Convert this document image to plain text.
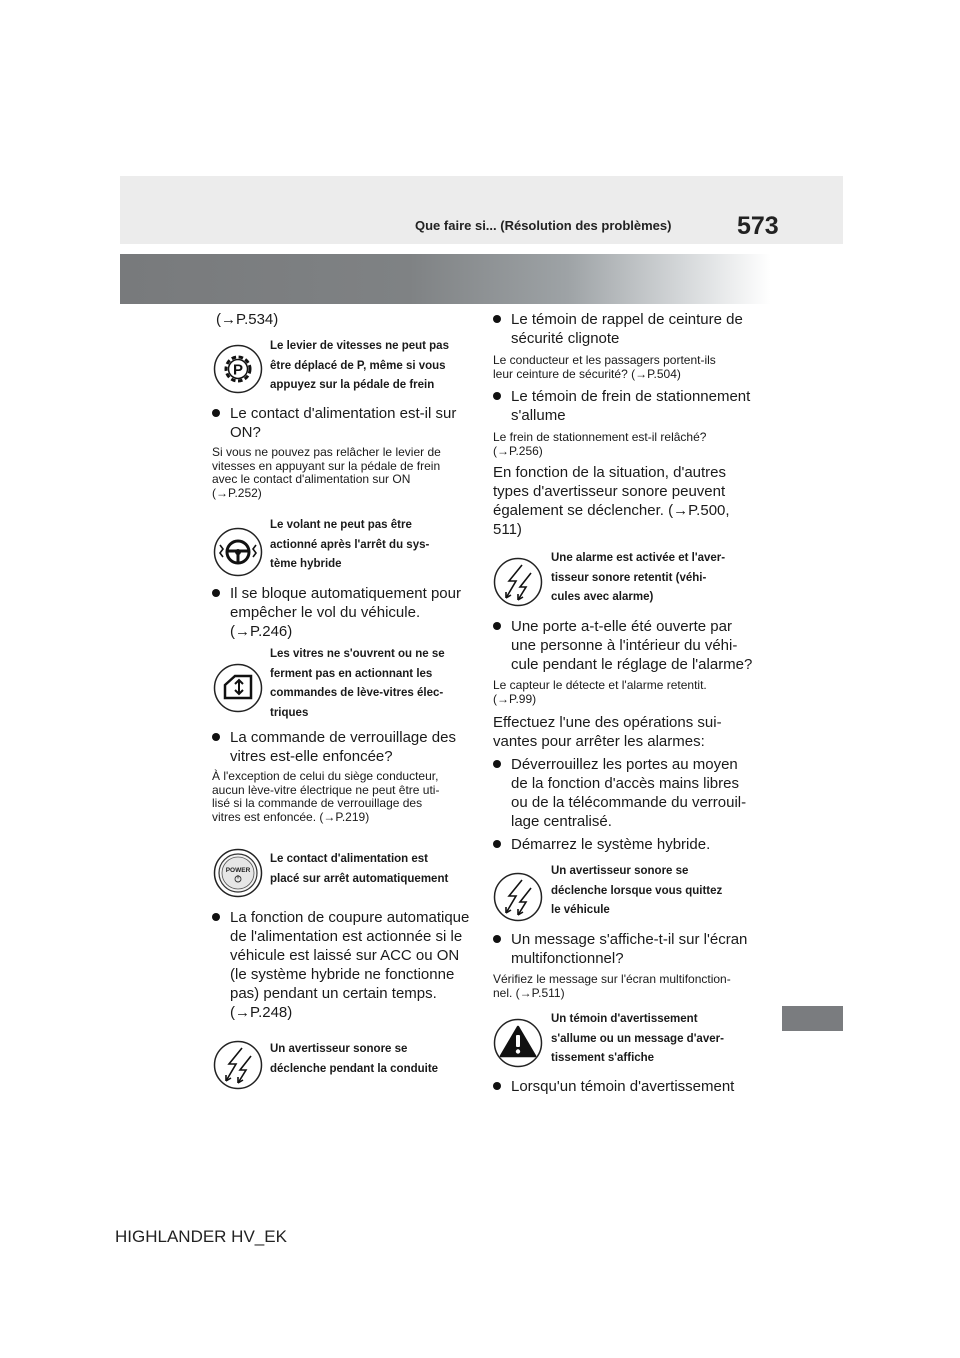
573
Que faire si... (Résolution des problèmes)
(→P.534)
P
Le levier de vitesses ne peut pas
être déplacé de P, même si vous
appuyez sur la pédale de frein
Le contact d'alimentation est-il sur
ON?
Si vous ne pouvez pas relâcher le levier de
vitesses en appuyant sur la pédale de frein
avec le contact d'alimentation sur ON
(→P.252)
Le volant ne peut pas être
actionné après l'arrêt du sys-
tème hybride
Il se bloque automatiquement pour
empêcher le vol du véhicule.
(→P.246)
Les vitres ne s'ouvrent ou ne se
ferment pas en actionnant les
commandes de lève-vitres élec-
triques
La commande de verrouillage des
vitres est-elle enfoncée?
À l'exception de celui du siège conducteur,
aucun lève-vitre électrique ne peut être uti-
lisé si la commande de verrouillage des
vitres est enfoncée. (→P.219)
POWER
Le contact d'alimentation est
placé sur arrêt automatiquement
La fonction de coupure automatique
de l'alimentation est actionnée si le
véhicule est laissé sur ACC ou ON
(le système hybride ne fonctionne
pas) pendant un certain temps.
(→P.248)
Un avertisseur sonore se
déclenche pendant la conduite
Le témoin de rappel de ceinture de
sécurité clignote
Le conducteur et les passagers portent-ils
leur ceinture de sécurité? (→P.504)
Le témoin de frein de stationnement
s'allume
Le frein de stationnement est-il relâché?
(→P.256)
En fonction de la situation, d'autres
types d'avertisseur sonore peuvent
également se déclencher. (→P.500,
511)
Une alarme est activée et l'aver-
tisseur sonore retentit (véhi-
cules avec alarme)
Une porte a-t-elle été ouverte par
une personne à l'intérieur du véhi-
cule pendant le réglage de l'alarme?
Le capteur le détecte et l'alarme retentit.
(→P.99)
Effectuez l'une des opérations sui-
vantes pour arrêter les alarmes:
Déverrouillez les portes au moyen
de la fonction d'accès mains libres
ou de la télécommande du verrouil-
lage centralisé.
Démarrez le système hybride.
Un avertisseur sonore se
déclenche lorsque vous quittez
le véhicule
Un message s'affiche-t-il sur l'écran
multifonctionnel?
Vérifiez le message sur l'écran multifonction-
nel. (→P.511)
Un témoin d'avertissement
s'allume ou un message d'aver-
tissement s'affiche
Lorsqu'un témoin d'avertissement
HIGHLANDER HV_EK
